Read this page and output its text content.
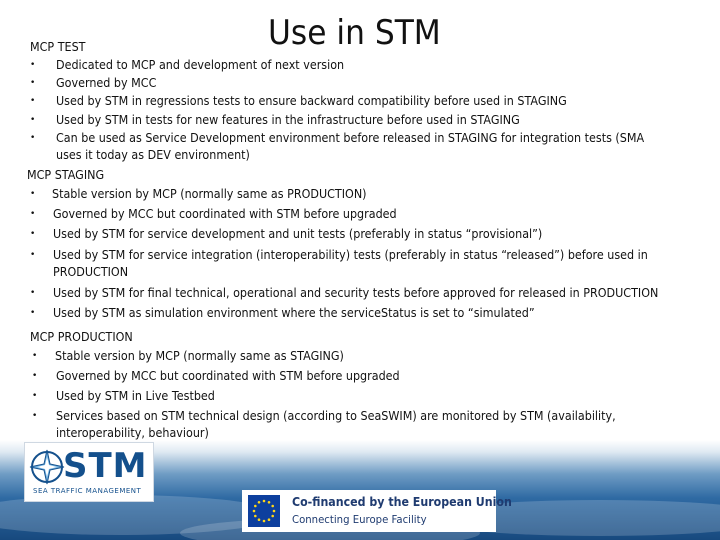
Use in STM
MCP TEST
• Dedicated to MCP and development of next version
• Governed by MCC
• Used by STM in regressions tests to ensure backward compatibility before used in STAGING
• Used by STM in tests for new features in the infrastructure before used in STAGING
• Can be used as Service Development environment before released in STAGING for integration tests (SMA
uses it today as DEV environment)
MCP STAGING
• Stable version by MCP (normally same as PRODUCTION)
• Governed by MCC but coordinated with STM before upgraded
• Used by STM for service development and unit tests (preferably in status “provisional”)
• Used by STM for service integration (interoperability) tests (preferably in status “released”) before used in
PRODUCTION
• Used by STM for final technical, operational and security tests before approved for released in PRODUCTION
• Used by STM as simulation environment where the serviceStatus is set to “simulated”
MCP PRODUCTION
• Stable version by MCP (normally same as STAGING)
• Governed by MCC but coordinated with STM before upgraded
• Used by STM in Live Testbed
• Services based on STM technical design (according to SeaSWIM) are monitored by STM (availability,
interoperability, behaviour)
STM
SEA TRAFFIC MANAGEMENT
Co-financed by the European Union
Connecting Europe Facility
